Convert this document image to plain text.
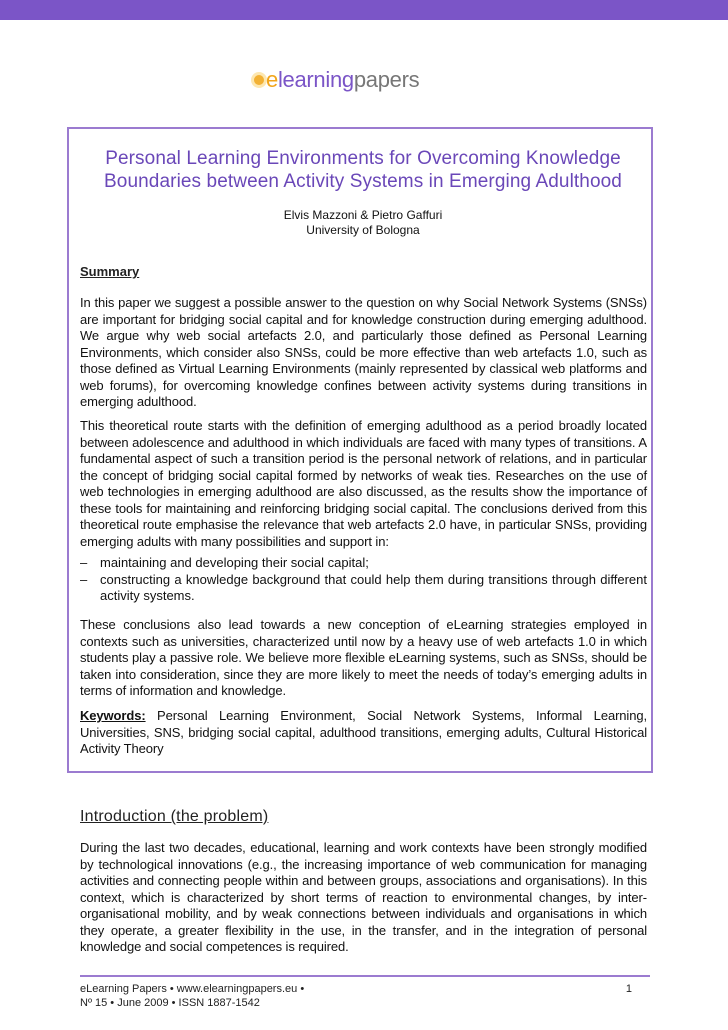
elearningpapers
Personal Learning Environments for Overcoming Knowledge Boundaries between Activity Systems in Emerging Adulthood
Elvis Mazzoni & Pietro Gaffuri
University of Bologna
Summary

In this paper we suggest a possible answer to the question on why Social Network Systems (SNSs) are important for bridging social capital and for knowledge construction during emerging adulthood. We argue why web social artefacts 2.0, and particularly those defined as Personal Learning Environments, which consider also SNSs, could be more effective than web artefacts 1.0, such as those defined as Virtual Learning Environments (mainly represented by classical web platforms and web forums), for overcoming knowledge confines between activity systems during transitions in emerging adulthood.

This theoretical route starts with the definition of emerging adulthood as a period broadly located between adolescence and adulthood in which individuals are faced with many types of transitions. A fundamental aspect of such a transition period is the personal network of relations, and in particular the concept of bridging social capital formed by networks of weak ties. Researches on the use of web technologies in emerging adulthood are also discussed, as the results show the importance of these tools for maintaining and reinforcing bridging social capital. The conclusions derived from this theoretical route emphasise the relevance that web artefacts 2.0 have, in particular SNSs, providing emerging adults with many possibilities and support in:

– maintaining and developing their social capital;
– constructing a knowledge background that could help them during transitions through different activity systems.

These conclusions also lead towards a new conception of eLearning strategies employed in contexts such as universities, characterized until now by a heavy use of web artefacts 1.0 in which students play a passive role. We believe more flexible eLearning systems, such as SNSs, should be taken into consideration, since they are more likely to meet the needs of today’s emerging adults in terms of information and knowledge.

Keywords: Personal Learning Environment, Social Network Systems, Informal Learning, Universities, SNS, bridging social capital, adulthood transitions, emerging adults, Cultural Historical Activity Theory

Introduction (the problem)

During the last two decades, educational, learning and work contexts have been strongly modified by technological innovations (e.g., the increasing importance of web communication for managing activities and connecting people within and between groups, associations and organisations). In this context, which is characterized by short terms of reaction to environmental changes, by inter-organisational mobility, and by weak connections between individuals and organisations in which they operate, a greater flexibility in the use, in the transfer, and in the integration of personal knowledge and social competences is required.

eLearning Papers • www.elearningpapers.eu •
Nº 15 • June 2009 • ISSN 1887-1542
1
